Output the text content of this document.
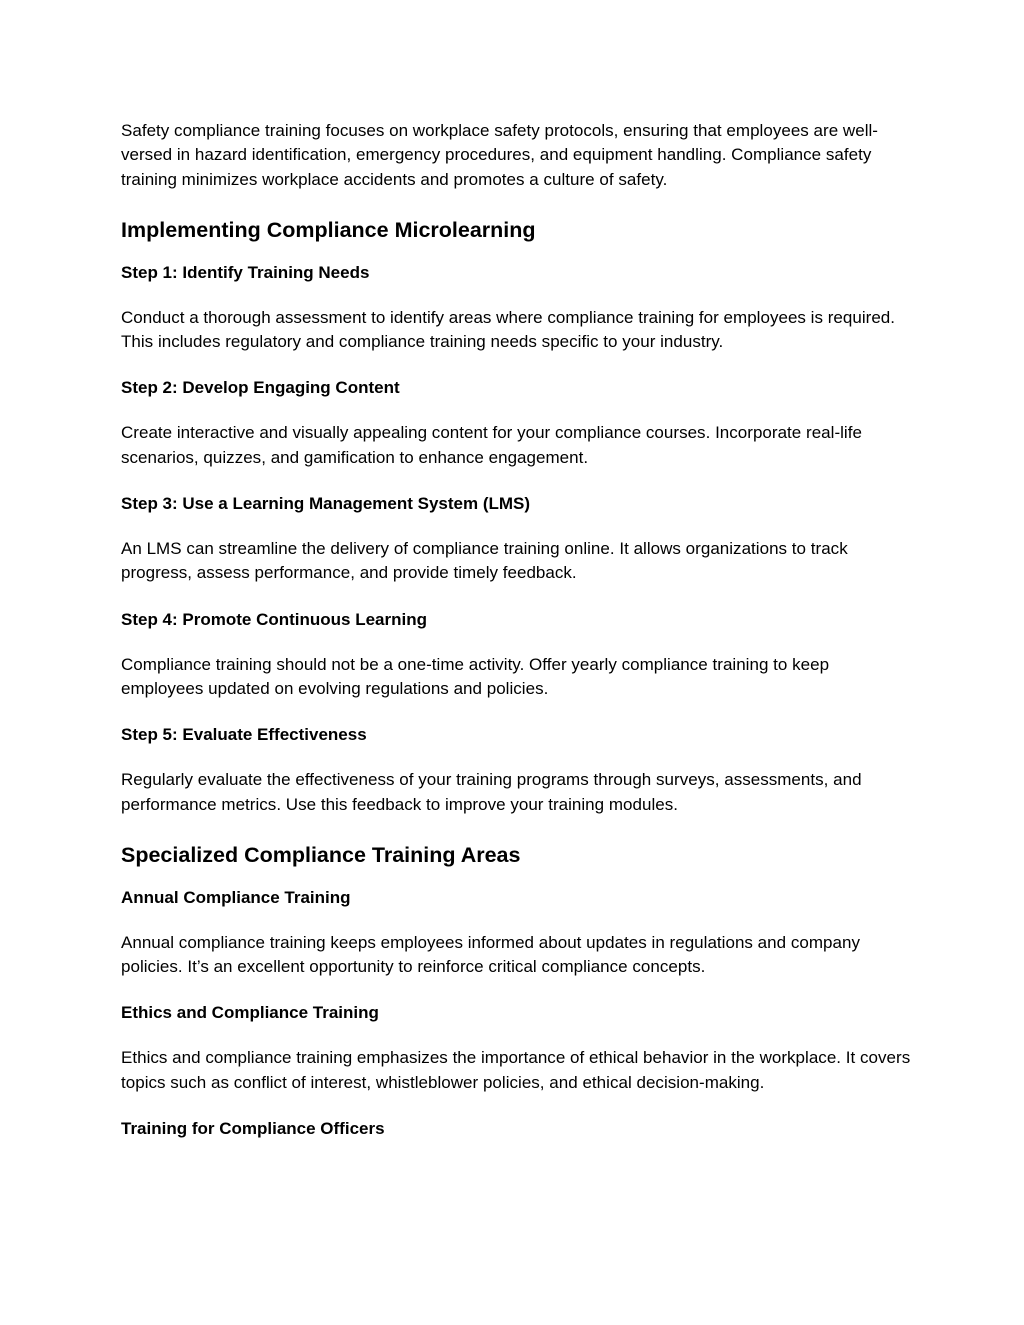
Safety compliance training focuses on workplace safety protocols, ensuring that employees are well-versed in hazard identification, emergency procedures, and equipment handling. Compliance safety training minimizes workplace accidents and promotes a culture of safety.

Implementing Compliance Microlearning
Step 1: Identify Training Needs

Conduct a thorough assessment to identify areas where compliance training for employees is required. This includes regulatory and compliance training needs specific to your industry.

Step 2: Develop Engaging Content

Create interactive and visually appealing content for your compliance courses. Incorporate real-life scenarios, quizzes, and gamification to enhance engagement.

Step 3: Use a Learning Management System (LMS)

An LMS can streamline the delivery of compliance training online. It allows organizations to track progress, assess performance, and provide timely feedback.

Step 4: Promote Continuous Learning

Compliance training should not be a one-time activity. Offer yearly compliance training to keep employees updated on evolving regulations and policies.

Step 5: Evaluate Effectiveness

Regularly evaluate the effectiveness of your training programs through surveys, assessments, and performance metrics. Use this feedback to improve your training modules.

Specialized Compliance Training Areas
Annual Compliance Training

Annual compliance training keeps employees informed about updates in regulations and company policies. It’s an excellent opportunity to reinforce critical compliance concepts.

Ethics and Compliance Training

Ethics and compliance training emphasizes the importance of ethical behavior in the workplace. It covers topics such as conflict of interest, whistleblower policies, and ethical decision-making.

Training for Compliance Officers
